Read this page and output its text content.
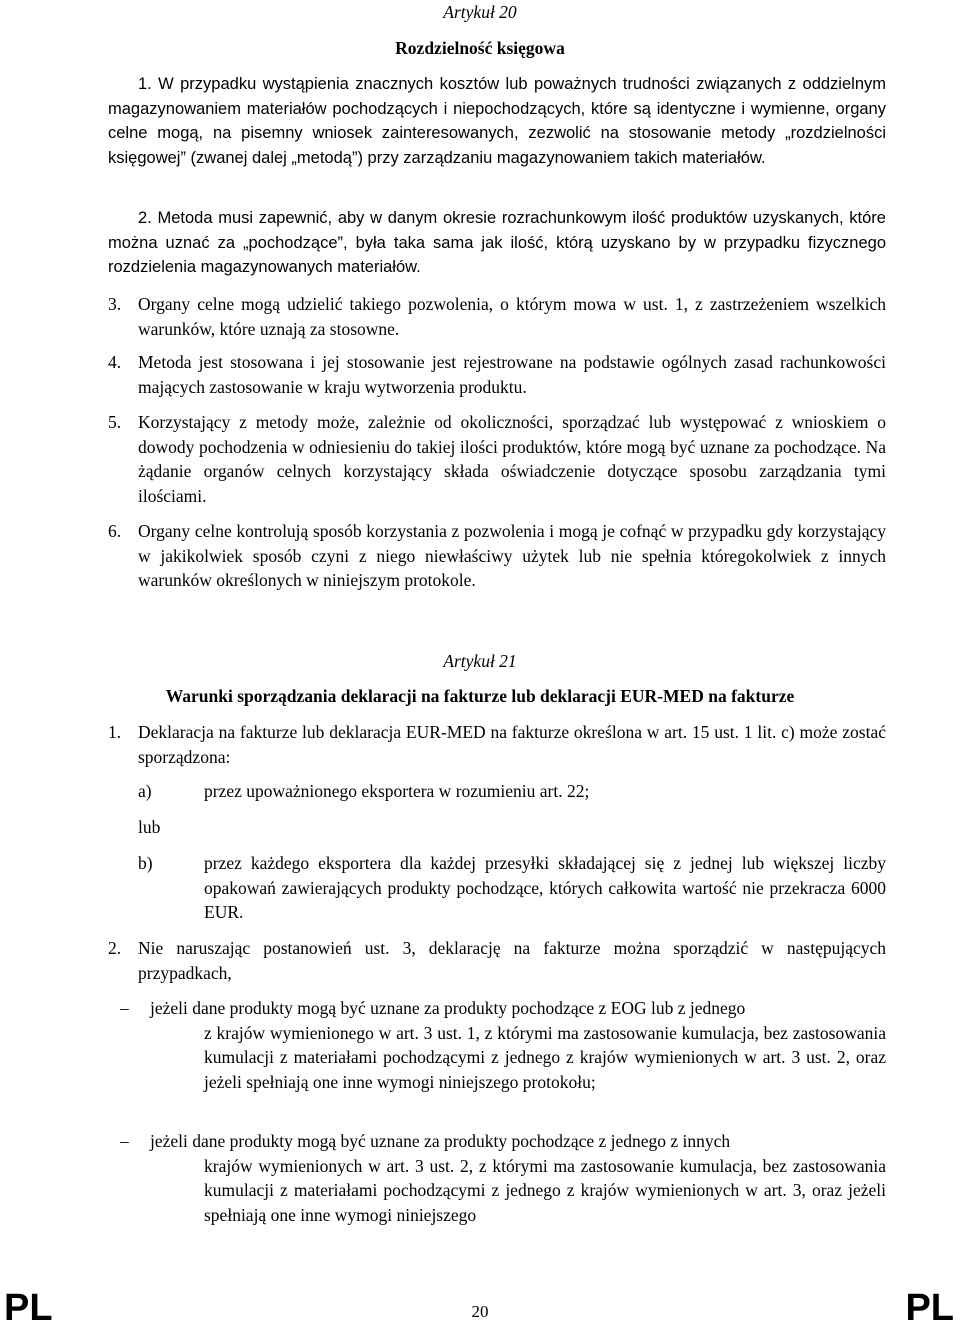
Artykuł 20
Rozdzielność księgowa
1. W przypadku wystąpienia znacznych kosztów lub poważnych trudności związanych z oddzielnym magazynowaniem materiałów pochodzących i niepochodzących, które są identyczne i wymienne, organy celne mogą, na pisemny wniosek zainteresowanych, zezwolić na stosowanie metody „rozdzielności księgowej” (zwanej dalej „metodą”) przy zarządzaniu magazynowaniem takich materiałów.
2. Metoda musi zapewnić, aby w danym okresie rozrachunkowym ilość produktów uzyskanych, które można uznać za „pochodzące”, była taka sama jak ilość, którą uzyskano by w przypadku fizycznego rozdzielenia magazynowanych materiałów.
3. Organy celne mogą udzielić takiego pozwolenia, o którym mowa w ust. 1, z zastrzeżeniem wszelkich warunków, które uznają za stosowne.
4. Metoda jest stosowana i jej stosowanie jest rejestrowane na podstawie ogólnych zasad rachunkowości mających zastosowanie w kraju wytworzenia produktu.
5. Korzystający z metody może, zależnie od okoliczności, sporządzać lub występować z wnioskiem o dowody pochodzenia w odniesieniu do takiej ilości produktów, które mogą być uznane za pochodzące. Na żądanie organów celnych korzystający składa oświadczenie dotyczące sposobu zarządzania tymi ilościami.
6. Organy celne kontrolują sposób korzystania z pozwolenia i mogą je cofnąć w przypadku gdy korzystający w jakikolwiek sposób czyni z niego niewłaściwy użytek lub nie spełnia któregokolwiek z innych warunków określonych w niniejszym protokole.
Artykuł 21
Warunki sporządzania deklaracji na fakturze lub deklaracji EUR-MED na fakturze
1. Deklaracja na fakturze lub deklaracja EUR-MED na fakturze określona w art. 15 ust. 1 lit. c) może zostać sporządzona:
a)	przez upoważnionego eksportera w rozumieniu art. 22;
lub
b)	przez każdego eksportera dla każdej przesyłki składającej się z jednej lub większej liczby opakowań zawierających produkty pochodzące, których całkowita wartość nie przekracza 6000 EUR.
2. Nie naruszając postanowień ust. 3, deklarację na fakturze można sporządzić w następujących przypadkach,
– jeżeli dane produkty mogą być uznane za produkty pochodzące z EOG lub z jednego
z krajów wymienionego w art. 3 ust. 1, z którymi ma zastosowanie kumulacja, bez zastosowania kumulacji z materiałami pochodzącymi z jednego z krajów wymienionych w art. 3 ust. 2, oraz jeżeli spełniają one inne wymogi niniejszego protokołu;
– jeżeli dane produkty mogą być uznane za produkty pochodzące z jednego z innych
krajów wymienionych w art. 3 ust. 2, z którymi ma zastosowanie kumulacja, bez zastosowania kumulacji z materiałami pochodzącymi z jednego z krajów wymienionych w art. 3, oraz jeżeli spełniają one inne wymogi niniejszego
PL	20	PL
